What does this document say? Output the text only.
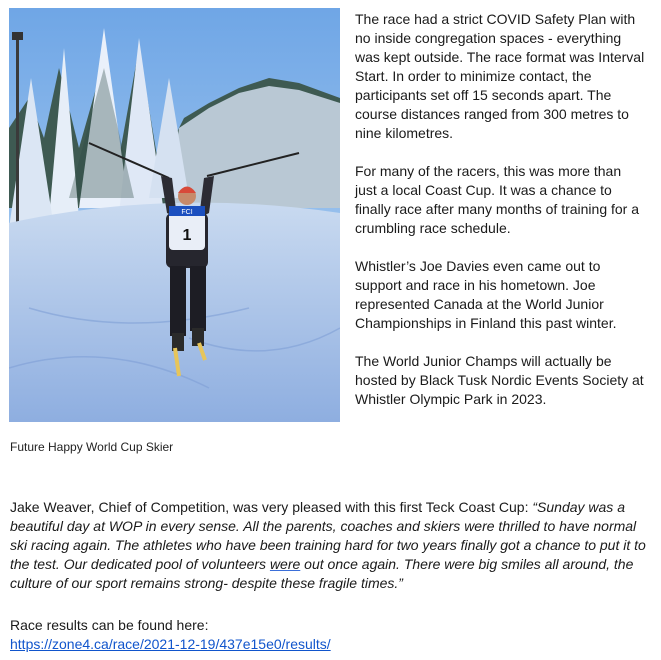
FCI
1
Future Happy World Cup Skier

The race had a strict COVID Safety Plan with no inside congregation spaces - everything was kept outside. The race format was Interval Start. In order to minimize contact, the participants set off 15 seconds apart. The course distances ranged from 300 metres to nine kilometres.

For many of the racers, this was more than just a local Coast Cup. It was a chance to finally race after many months of training for a crumbling race schedule.

Whistler’s Joe Davies even came out to support and race in his hometown. Joe represented Canada at the World Junior Championships in Finland this past winter.

The World Junior Champs will actually be hosted by Black Tusk Nordic Events Society at Whistler Olympic Park in 2023.

Jake Weaver, Chief of Competition, was very pleased with this first Teck Coast Cup: “Sunday was a beautiful day at WOP in every sense. All the parents, coaches and skiers were thrilled to have normal ski racing again. The athletes who have been training hard for two years finally got a chance to put it to the test. Our dedicated pool of volunteers were out once again. There were big smiles all around, the culture of our sport remains strong- despite these fragile times.”
Race results can be found here:
https://zone4.ca/race/2021-12-19/437e15e0/results/
